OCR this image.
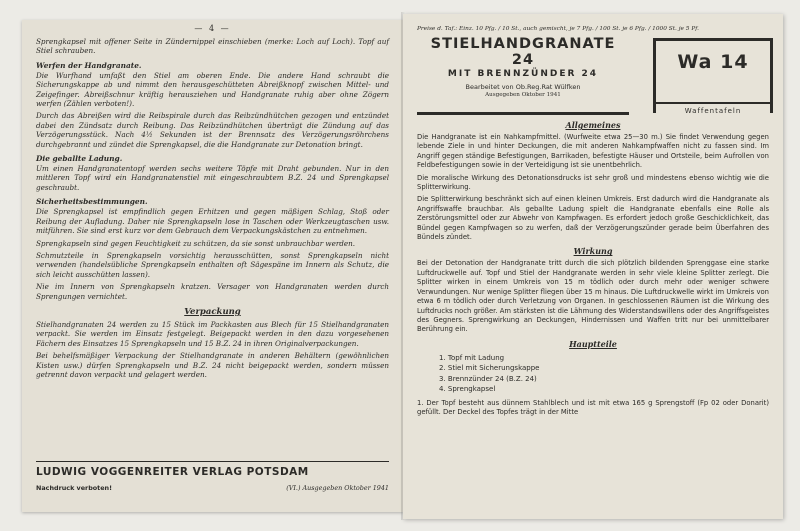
— 4 —

Sprengkapsel mit offener Seite in Zündernippel einschieben (merke: Loch auf Loch). Topf auf Stiel schrauben.

Werfen der Handgranate.

Die Wurfhand umfaßt den Stiel am oberen Ende. Die andere Hand schraubt die Sicherungskappe ab und nimmt den herausgeschütteten Abreißknopf zwischen Mittel- und Zeigefinger. Abreißschnur kräftig herausziehen und Handgranate ruhig aber ohne Zögern werfen (Zählen verboten!).

Durch das Abreißen wird die Reibspirale durch das Reibzündhütchen gezogen und entzündet dabei den Zündsatz durch Reibung. Das Reibzündhütchen überträgt die Zündung auf das Verzögerungsstück. Nach 4½ Sekunden ist der Brennsatz des Verzögerungsröhrchens durchgebrannt und zündet die Sprengkapsel, die die Handgranate zur Detonation bringt.

Die geballte Ladung.

Um einen Handgranatentopf werden sechs weitere Töpfe mit Draht gebunden. Nur in den mittleren Topf wird ein Handgranatenstiel mit eingeschraubtem B.Z. 24 und Sprengkapsel geschraubt.

Sicherheitsbestimmungen.

Die Sprengkapsel ist empfindlich gegen Erhitzen und gegen mäßigen Schlag, Stoß oder Reibung der Aufladung. Daher nie Sprengkapseln lose in Taschen oder Werkzeugtaschen usw. mitführen. Sie sind erst kurz vor dem Gebrauch dem Verpackungskästchen zu entnehmen.

Sprengkapseln sind gegen Feuchtigkeit zu schützen, da sie sonst unbrauchbar werden.

Schmutzteile in Sprengkapseln vorsichtig herausschütten, sonst Sprengkapseln nicht verwenden (handelsübliche Sprengkapseln enthalten oft Sägespäne im Innern als Schutz, die sich leicht ausschütten lassen).

Nie im Innern von Sprengkapseln kratzen. Versager von Handgranaten werden durch Sprengungen vernichtet.

Verpackung

Stielhandgranaten 24 werden zu 15 Stück im Packkasten aus Blech für 15 Stielhandgranaten verpackt. Sie werden im Einsatz festgelegt. Beigepackt werden in den dazu vorgesehenen Fächern des Einsatzes 15 Sprengkapseln und 15 B.Z. 24 in ihren Originalverpackungen.

Bei behelfsmäßiger Verpackung der Stielhandgranate in anderen Behältern (gewöhnlichen Kisten usw.) dürfen Sprengkapseln und B.Z. 24 nicht beigepackt werden, sondern müssen getrennt davon verpackt und gelagert werden.

LUDWIG VOGGENREITER VERLAG POTSDAM
Nachdruck verboten!	(VI.) Ausgegeben Oktober 1941
Preise d. Taf.: Einz. 10 Pfg. / 10 St., auch gemischt, je 7 Pfg. / 100 St. je 6 Pfg. / 1000 St. je 5 Pf.
STIELHANDGRANATE 24
MIT BRENNZÜNDER 24
Bearbeitet von Ob.Reg.Rat Wülfken
Ausgegeben Oktober 1941
Wa 14
Waffentafeln
Allgemeines

Die Handgranate ist ein Nahkampfmittel. (Wurfweite etwa 25—30 m.) Sie findet Verwendung gegen lebende Ziele in und hinter Deckungen, die mit anderen Nahkampfwaffen nicht zu fassen sind. Im Angriff gegen ständige Befestigungen, Barrikaden, befestigte Häuser und Ortsteile, beim Aufrollen von Feldbefestigungen sowie in der Verteidigung ist sie unentbehrlich.

Die moralische Wirkung des Detonationsdrucks ist sehr groß und mindestens ebenso wichtig wie die Splitterwirkung.

Die Splitterwirkung beschränkt sich auf einen kleinen Umkreis. Erst dadurch wird die Handgranate als Angriffswaffe brauchbar. Als geballte Ladung spielt die Handgranate ebenfalls eine Rolle als Zerstörungsmittel oder zur Abwehr von Kampfwagen. Es erfordert jedoch große Geschicklichkeit, das Bündel gegen Kampfwagen so zu werfen, daß der Verzögerungszünder gerade beim Überfahren des Bündels zündet.

Wirkung

Bei der Detonation der Handgranate tritt durch die sich plötzlich bildenden Sprenggase eine starke Luftdruckwelle auf. Topf und Stiel der Handgranate werden in sehr viele kleine Splitter zerlegt. Die Splitter wirken in einem Umkreis von 15 m tödlich oder durch mehr oder weniger schwere Verwundungen. Nur wenige Splitter fliegen über 15 m hinaus. Die Luftdruckwelle wirkt im Umkreis von etwa 6 m tödlich oder durch Verletzung von Organen. In geschlossenen Räumen ist die Wirkung des Luftdrucks noch größer. Am stärksten ist die Lähmung des Widerstandswillens oder des Angriffsgeistes des Gegners. Sprengwirkung an Deckungen, Hindernissen und Waffen tritt nur bei unmittelbarer Berührung ein.

Hauptteile
1. Topf mit Ladung
2. Stiel mit Sicherungskappe
3. Brennzünder 24 (B.Z. 24)
4. Sprengkapsel

1. Der Topf besteht aus dünnem Stahlblech und ist mit etwa 165 g Sprengstoff (Fp 02 oder Donarit) gefüllt. Der Deckel des Topfes trägt in der Mitte
